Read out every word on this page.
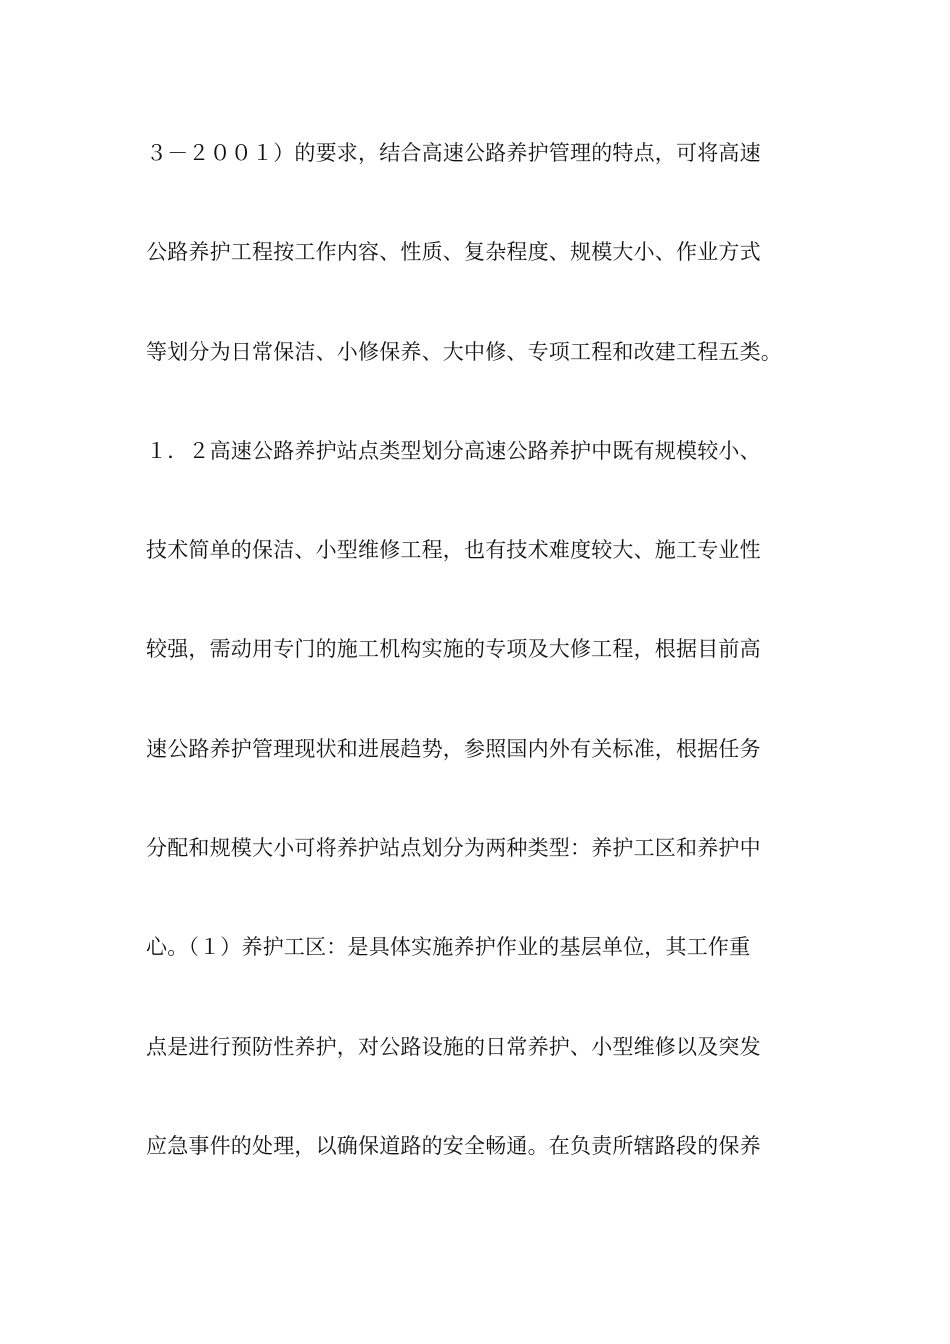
３－２００１）的要求，结合高速公路养护管理的特点，可将高速
公路养护工程按工作内容、性质、复杂程度、规模大小、作业方式
等划分为日常保洁、小修保养、大中修、专项工程和改建工程五类。
１．２高速公路养护站点类型划分高速公路养护中既有规模较小、
技术简单的保洁、小型维修工程，也有技术难度较大、施工专业性
较强，需动用专门的施工机构实施的专项及大修工程，根据目前高
速公路养护管理现状和进展趋势，参照国内外有关标准，根据任务
分配和规模大小可将养护站点划分为两种类型：养护工区和养护中
心。（１）养护工区：是具体实施养护作业的基层单位，其工作重
点是进行预防性养护，对公路设施的日常养护、小型维修以及突发
应急事件的处理，以确保道路的安全畅通。在负责所辖路段的保养
